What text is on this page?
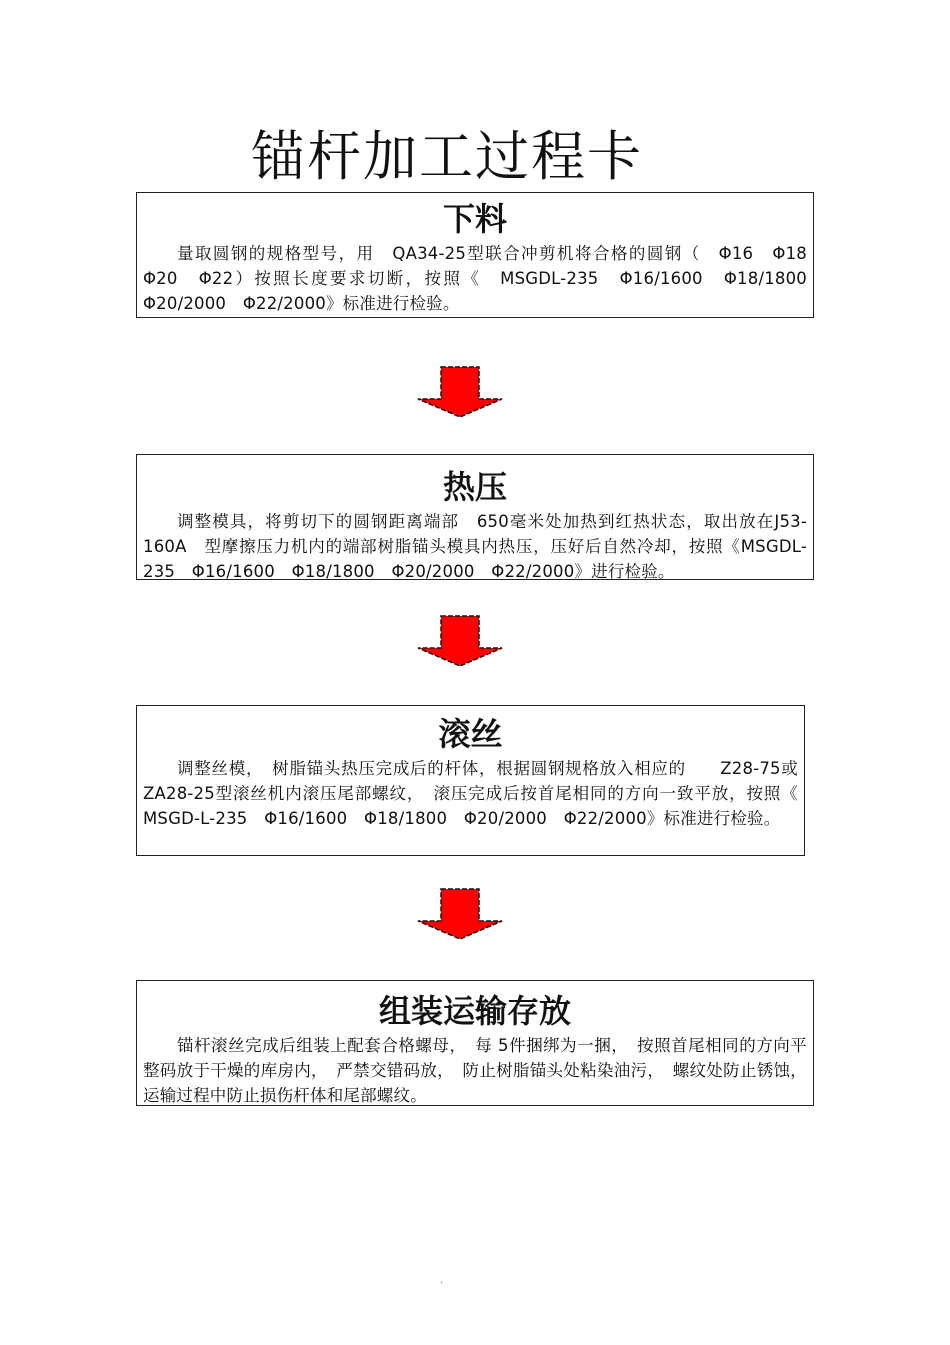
锚杆加工过程卡
下料

量取圆钢的规格型号，用　QA34-25型联合冲剪机将合格的圆钢（　Φ16　Φ18　Φ20　Φ22）按照长度要求切断，按照《　MSGDL-235　Φ16/1600　Φ18/1800　Φ20/2000　Φ22/2000》标准进行检验。

热压

调整模具，将剪切下的圆钢距离端部　650毫米处加热到红热状态，取出放在J53-160A　型摩擦压力机内的端部树脂锚头模具内热压，压好后自然冷却，按照《MSGDL-235　Φ16/1600　Φ18/1800　Φ20/2000　Φ22/2000》进行检验。

滚丝

调整丝模，　树脂锚头热压完成后的杆体，根据圆钢规格放入相应的　　Z28-75或 ZA28-25型滚丝机内滚压尾部螺纹，　滚压完成后按首尾相同的方向一致平放，按照《 MSGD-L-235　Φ16/1600　Φ18/1800　Φ20/2000　Φ22/2000》标准进行检验。

组装运输存放

锚杆滚丝完成后组装上配套合格螺母，　每 5件捆绑为一捆，　按照首尾相同的方向平整码放于干燥的库房内，　严禁交错码放，　防止树脂锚头处粘染油污，　螺纹处防止锈蚀，运输过程中防止损伤杆体和尾部螺纹。

.
